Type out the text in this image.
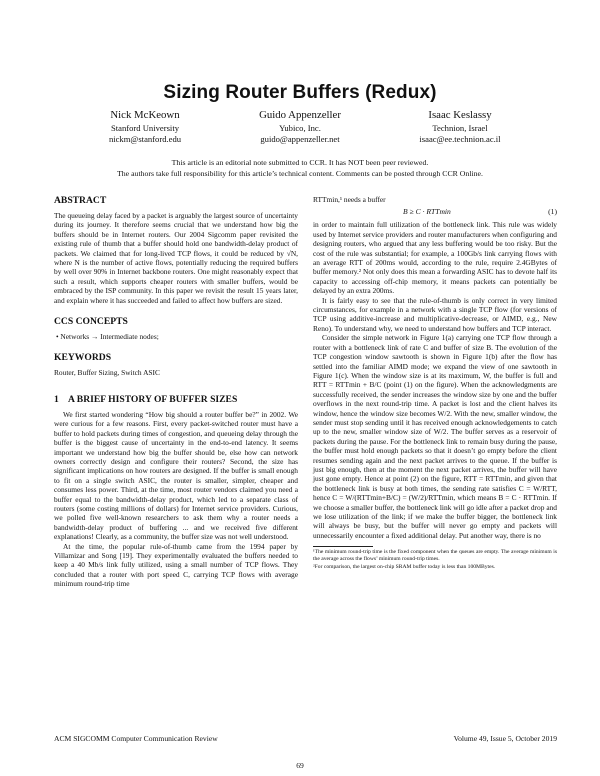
Sizing Router Buffers (Redux)
Nick McKeown
Stanford University
nickm@stanford.edu
Guido Appenzeller
Yubico, Inc.
guido@appenzeller.net
Isaac Keslassy
Technion, Israel
isaac@ee.technion.ac.il
This article is an editorial note submitted to CCR. It has NOT been peer reviewed.
The authors take full responsibility for this article’s technical content. Comments can be posted through CCR Online.
ABSTRACT

The queueing delay faced by a packet is arguably the largest source of uncertainty during its journey. It therefore seems crucial that we understand how big the buffers should be in Internet routers. Our 2004 Sigcomm paper revisited the existing rule of thumb that a buffer should hold one bandwidth-delay product of packets. We claimed that for long-lived TCP flows, it could be reduced by √N, where N is the number of active flows, potentially reducing the required buffers by well over 90% in Internet backbone routers. One might reasonably expect that such a result, which supports cheaper routers with smaller buffers, would be embraced by the ISP community. In this paper we revisit the result 15 years later, and explain where it has succeeded and failed to affect how buffers are sized.

CCS CONCEPTS
• Networks → Intermediate nodes;
KEYWORDS

Router, Buffer Sizing, Switch ASIC

1 A BRIEF HISTORY OF BUFFER SIZES

We first started wondering “How big should a router buffer be?” in 2002. We were curious for a few reasons. First, every packet-switched router must have a buffer to hold packets during times of congestion, and queueing delay through the buffer is the biggest cause of uncertainty in the end-to-end latency. It seems important we understand how big the buffer should be, else how can network owners correctly design and configure their routers? Second, the size has significant implications on how routers are designed. If the buffer is small enough to fit on a single switch ASIC, the router is smaller, simpler, cheaper and consumes less power. Third, at the time, most router vendors claimed you need a buffer equal to the bandwidth-delay product, which led to a separate class of routers (some costing millions of dollars) for Internet service providers. Curious, we polled five well-known researchers to ask them why a router needs a bandwidth-delay product of buffering ... and we received five different explanations! Clearly, as a community, the buffer size was not well understood.

At the time, the popular rule-of-thumb came from the 1994 paper by Villamizar and Song [19]. They experimentally evaluated the buffers needed to keep a 40 Mb/s link fully utilized, using a small number of TCP flows. They concluded that a router with port speed C, carrying TCP flows with average minimum round-trip time

RTTmin,¹ needs a buffer

B ≥ C · RTTmin	(1)

in order to maintain full utilization of the bottleneck link. This rule was widely used by Internet service providers and router manufacturers when configuring and designing routers, who argued that any less buffering would be too risky. But the cost of the rule was substantial; for example, a 100Gb/s link carrying flows with an average RTT of 200ms would, according to the rule, require 2.4GBytes of buffer memory.² Not only does this mean a forwarding ASIC has to devote half its capacity to accessing off-chip memory, it means packets can potentially be delayed by an extra 200ms.

It is fairly easy to see that the rule-of-thumb is only correct in very limited circumstances, for example in a network with a single TCP flow (for versions of TCP using additive-increase and multiplicative-decrease, or AIMD, e.g., New Reno). To understand why, we need to understand how buffers and TCP interact.

Consider the simple network in Figure 1(a) carrying one TCP flow through a router with a bottleneck link of rate C and buffer of size B. The evolution of the TCP congestion window sawtooth is shown in Figure 1(b) after the flow has settled into the familiar AIMD mode; we expand the view of one sawtooth in Figure 1(c). When the window size is at its maximum, W, the buffer is full and RTT = RTTmin + B/C (point (1) on the figure). When the acknowledgments are successfully received, the sender increases the window size by one and the buffer overflows in the next round-trip time. A packet is lost and the client halves its window, hence the window size becomes W/2. With the new, smaller window, the sender must stop sending until it has received enough acknowledgements to catch up to the new, smaller window size of W/2. The buffer serves as a reservoir of packets during the pause. For the bottleneck link to remain busy during the pause, the buffer must hold enough packets so that it doesn’t go empty before the client resumes sending again and the next packet arrives to the queue. If the buffer is just big enough, then at the moment the next packet arrives, the buffer will have just gone empty. Hence at point (2) on the figure, RTT = RTTmin, and given that the bottleneck link is busy at both times, the sending rate satisfies C = W/RTT, hence C = W/(RTTmin+B/C) = (W/2)/RTTmin, which means B = C · RTTmin. If we choose a smaller buffer, the bottleneck link will go idle after a packet drop and we lose utilization of the link; if we make the buffer bigger, the bottleneck link will always be busy, but the buffer will never go empty and packets will unnecessarily encounter a fixed additional delay. Put another way, there is no

¹The minimum round-trip time is the fixed component when the queues are empty. The average minimum is the average across the flows’ minimum round-trip times.

²For comparison, the largest on-chip SRAM buffer today is less than 100MBytes.

ACM SIGCOMM Computer Communication Review	Volume 49, Issue 5, October 2019
69
